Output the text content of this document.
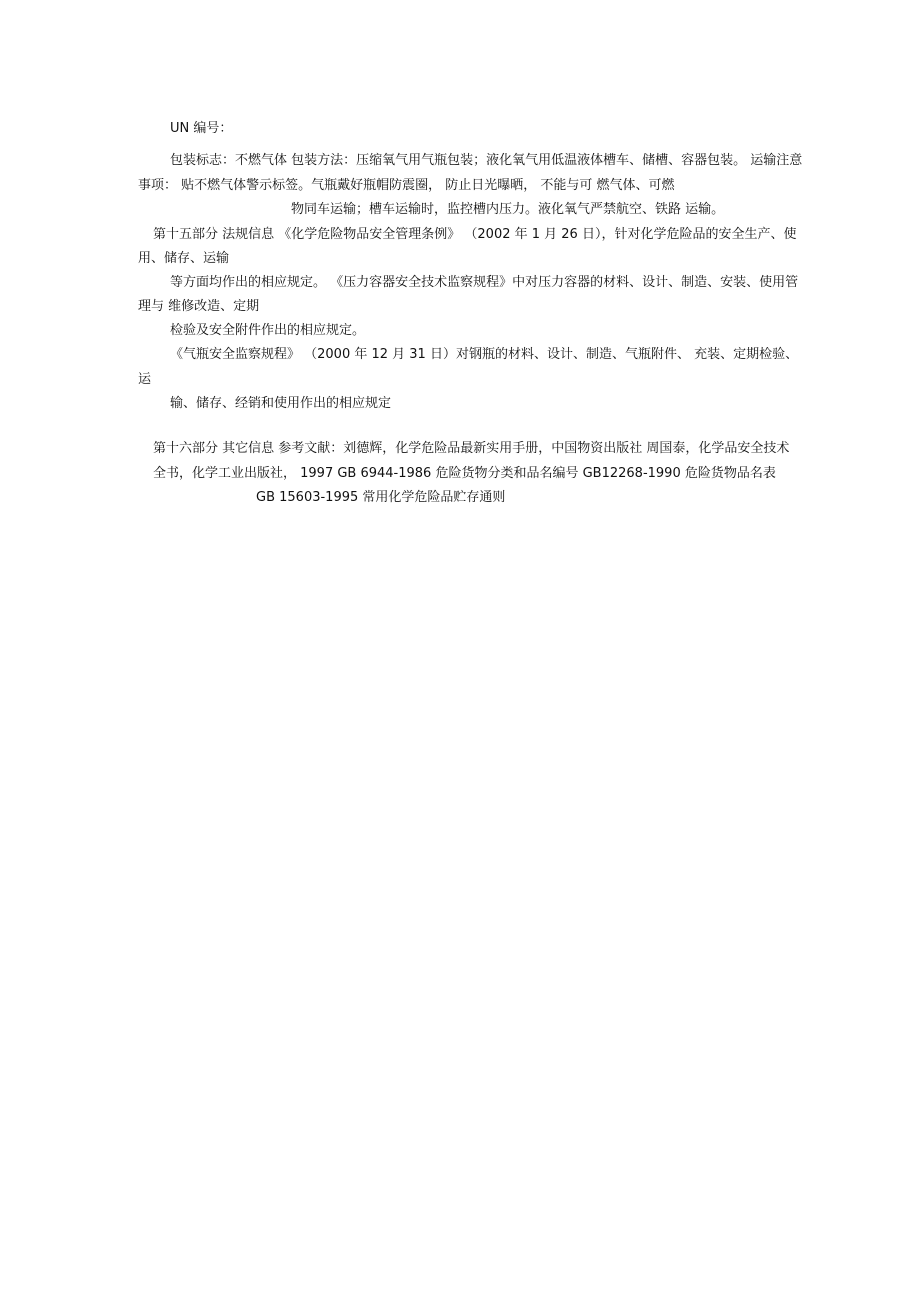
UN 编号：
包装标志：不燃气体 包装方法：压缩氧气用气瓶包装；液化氧气用低温液体槽车、储槽、容器包装。 运输注意
事项： 贴不燃气体警示标签。气瓶戴好瓶帽防震圈， 防止日光曝晒， 不能与可 燃气体、可燃
物同车运输；槽车运输时，监控槽内压力。液化氧气严禁航空、铁路 运输。
第十五部分 法规信息 《化学危险物品安全管理条例》 （2002 年 1 月 26 日），针对化学危险品的安全生产、使
用、储存、运输
等方面均作出的相应规定。 《压力容器安全技术监察规程》中对压力容器的材料、设计、制造、安装、使用管
理与 维修改造、定期
检验及安全附件作出的相应规定。
《气瓶安全监察规程》 （2000 年 12 月 31 日）对钢瓶的材料、设计、制造、气瓶附件、 充装、定期检验、
运
输、储存、经销和使用作出的相应规定
第十六部分 其它信息 参考文献：刘德辉，化学危险品最新实用手册，中国物资出版社 周国泰，化学品安全技术
全书，化学工业出版社， 1997 GB 6944-1986 危险货物分类和品名编号 GB12268-1990 危险货物品名表
GB 15603-1995 常用化学危险品贮存通则
